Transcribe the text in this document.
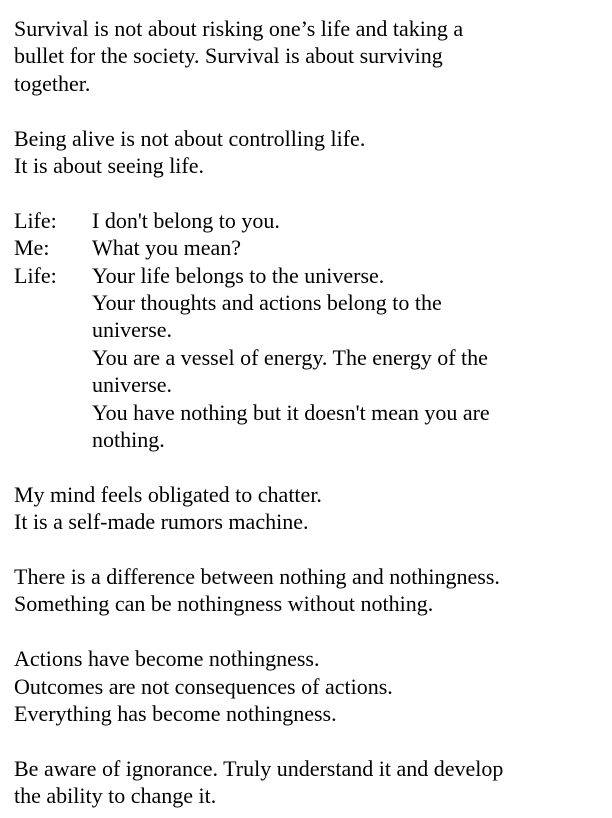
Survival is not about risking one’s life and taking a
bullet for the society. Survival is about surviving
together.
Being alive is not about controlling life.
It is about seeing life.
Life:	I don't belong to you.
Me:	What you mean?
Life:	Your life belongs to the universe.
Your thoughts and actions belong to the
universe.
You are a vessel of energy. The energy of the
universe.
You have nothing but it doesn't mean you are
nothing.
My mind feels obligated to chatter.
It is a self-made rumors machine.
There is a difference between nothing and nothingness.
Something can be nothingness without nothing.
Actions have become nothingness.
Outcomes are not consequences of actions.
Everything has become nothingness.
Be aware of ignorance. Truly understand it and develop
the ability to change it.
